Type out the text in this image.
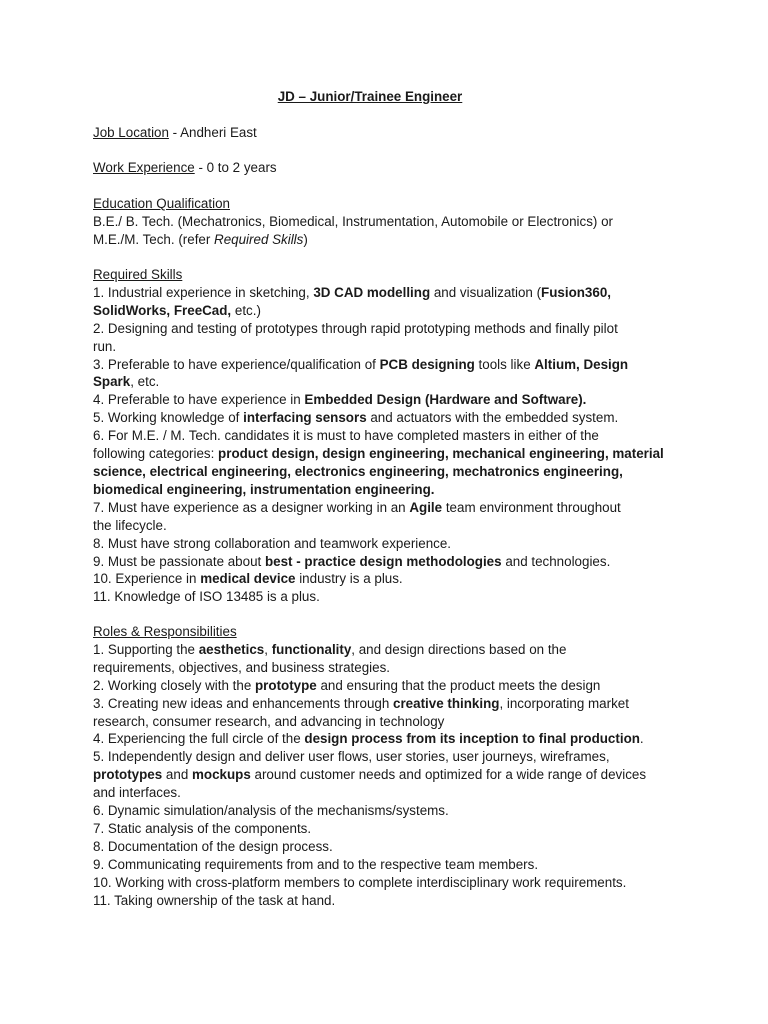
JD – Junior/Trainee Engineer
Job Location - Andheri East
Work Experience - 0 to 2 years
Education Qualification
B.E./ B. Tech. (Mechatronics, Biomedical, Instrumentation, Automobile or Electronics) or
M.E./M. Tech. (refer Required Skills)
Required Skills
1. Industrial experience in sketching, 3D CAD modelling and visualization (Fusion360,
SolidWorks, FreeCad, etc.)
2. Designing and testing of prototypes through rapid prototyping methods and finally pilot
run.
3. Preferable to have experience/qualification of PCB designing tools like Altium, Design
Spark, etc.
4. Preferable to have experience in Embedded Design (Hardware and Software).
5. Working knowledge of interfacing sensors and actuators with the embedded system.
6. For M.E. / M. Tech. candidates it is must to have completed masters in either of the
following categories: product design, design engineering, mechanical engineering, material
science, electrical engineering, electronics engineering, mechatronics engineering,
biomedical engineering, instrumentation engineering.
7. Must have experience as a designer working in an Agile team environment throughout
the lifecycle.
8. Must have strong collaboration and teamwork experience.
9. Must be passionate about best - practice design methodologies and technologies.
10. Experience in medical device industry is a plus.
11. Knowledge of ISO 13485 is a plus.
Roles & Responsibilities
1. Supporting the aesthetics, functionality, and design directions based on the
requirements, objectives, and business strategies.
2. Working closely with the prototype and ensuring that the product meets the design
3. Creating new ideas and enhancements through creative thinking, incorporating market
research, consumer research, and advancing in technology
4. Experiencing the full circle of the design process from its inception to final production.
5. Independently design and deliver user flows, user stories, user journeys, wireframes,
prototypes and mockups around customer needs and optimized for a wide range of devices
and interfaces.
6. Dynamic simulation/analysis of the mechanisms/systems.
7. Static analysis of the components.
8. Documentation of the design process.
9. Communicating requirements from and to the respective team members.
10. Working with cross-platform members to complete interdisciplinary work requirements.
11. Taking ownership of the task at hand.
